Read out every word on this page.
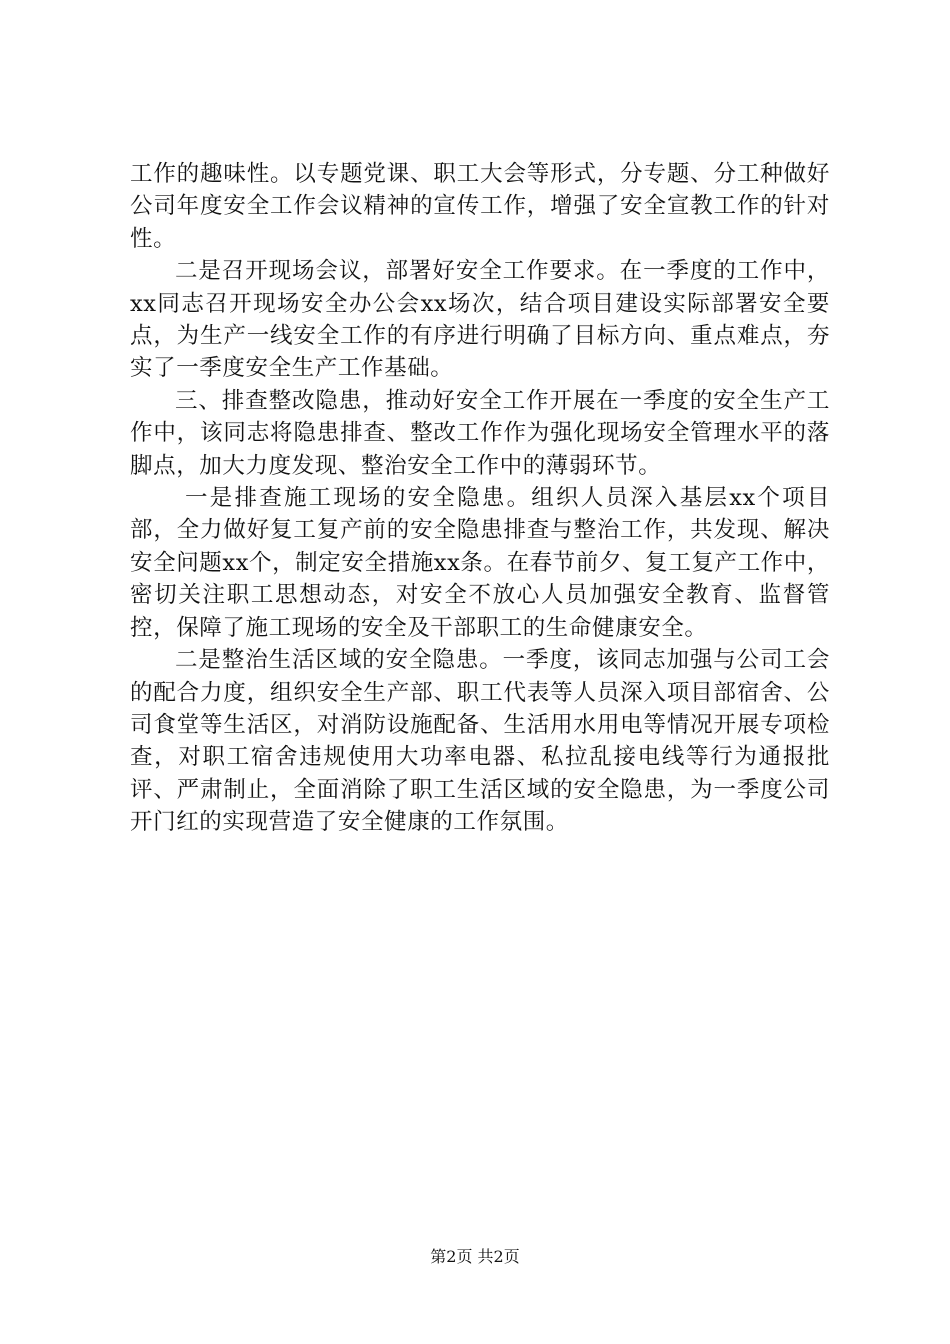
工作的趣味性。以专题党课、职工大会等形式，分专题、分工种做好公司年度安全工作会议精神的宣传工作，增强了安全宣教工作的针对性。

二是召开现场会议，部署好安全工作要求。在一季度的工作中，xx同志召开现场安全办公会xx场次，结合项目建设实际部署安全要点，为生产一线安全工作的有序进行明确了目标方向、重点难点，夯实了一季度安全生产工作基础。

三、排查整改隐患，推动好安全工作开展在一季度的安全生产工作中，该同志将隐患排查、整改工作作为强化现场安全管理水平的落脚点，加大力度发现、整治安全工作中的薄弱环节。

一是排查施工现场的安全隐患。组织人员深入基层xx个项目部，全力做好复工复产前的安全隐患排查与整治工作，共发现、解决安全问题xx个，制定安全措施xx条。在春节前夕、复工复产工作中，密切关注职工思想动态，对安全不放心人员加强安全教育、监督管控，保障了施工现场的安全及干部职工的生命健康安全。

二是整治生活区域的安全隐患。一季度，该同志加强与公司工会的配合力度，组织安全生产部、职工代表等人员深入项目部宿舍、公司食堂等生活区，对消防设施配备、生活用水用电等情况开展专项检查，对职工宿舍违规使用大功率电器、私拉乱接电线等行为通报批评、严肃制止，全面消除了职工生活区域的安全隐患，为一季度公司开门红的实现营造了安全健康的工作氛围。

第2页 共2页
